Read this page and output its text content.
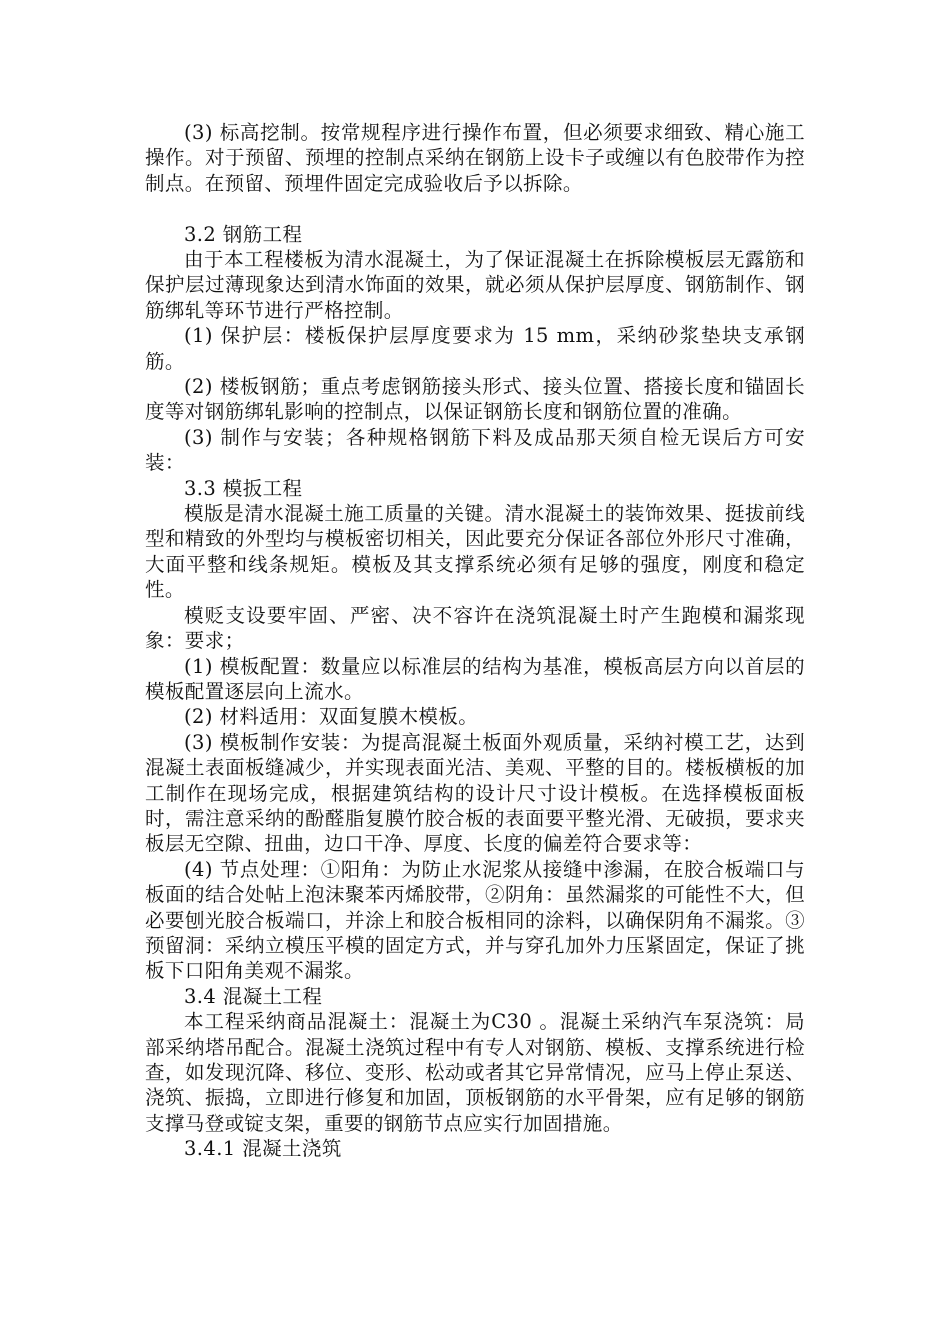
(3) 标高挖制。按常规程序进行操作布置，但必须要求细致、精心施工操作。对于预留、预埋的控制点采纳在钢筋上设卡子或缠以有色胶带作为控制点。在预留、预埋件固定完成验收后予以拆除。

3.2 钢筋工程

由于本工程楼板为清水混凝土，为了保证混凝土在拆除模板层无露筋和保护层过薄现象达到清水饰面的效果，就必须从保护层厚度、钢筋制作、钢筋绑轧等环节进行严格控制。

(1) 保护层：楼板保护层厚度要求为 15 mm，采纳砂浆垫块支承钢筋。

(2) 楼板钢筋；重点考虑钢筋接头形式、接头位置、搭接长度和锚固长度等对钢筋绑轧影响的控制点，以保证钢筋长度和钢筋位置的准确。

(3) 制作与安装；各种规格钢筋下料及成品那天须自检无误后方可安装：

3.3 模扳工程

模版是清水混凝土施工质量的关键。清水混凝土的装饰效果、挺拔前线型和精致的外型均与模板密切相关，因此要充分保证各部位外形尺寸准确，大面平整和线条规矩。模板及其支撑系统必须有足够的强度，刚度和稳定性。

模贬支设要牢固、严密、决不容许在浇筑混凝土时产生跑模和漏浆现象：要求；

(1) 模板配置：数量应以标准层的结构为基准，模板高层方向以首层的模板配置逐层向上流水。

(2) 材料适用：双面复膜木模板。

(3) 模板制作安装：为提高混凝土板面外观质量，采纳衬模工艺，达到混凝土表面板缝减少，并实现表面光洁、美观、平整的目的。楼板横板的加工制作在现场完成，根据建筑结构的设计尺寸设计模板。在选择模板面板时，需注意采纳的酚醛脂复膜竹胶合板的表面要平整光滑、无破损，要求夹板层无空隙、扭曲，边口干净、厚度、长度的偏差符合要求等：

(4) 节点处理：①阳角：为防止水泥浆从接缝中渗漏，在胶合板端口与板面的结合处帖上泡沫聚苯丙烯胶带，②阴角：虽然漏浆的可能性不大，但必要刨光胶合板端口，并涂上和胶合板相同的涂料，以确保阴角不漏浆。③预留洞：采纳立模压平模的固定方式，并与穿孔加外力压紧固定，保证了挑板下口阳角美观不漏浆。

3.4 混凝土工程

本工程采纳商品混凝土：混凝土为C30 。混凝土采纳汽车泵浇筑：局部采纳塔吊配合。混凝土浇筑过程中有专人对钢筋、模板、支撑系统进行检查，如发现沉降、移位、变形、松动或者其它异常情况，应马上停止泵送、浇筑、振捣，立即进行修复和加固，顶板钢筋的水平骨架，应有足够的钢筋支撑马登或锭支架，重要的钢筋节点应实行加固措施。

3.4.1 混凝土浇筑
